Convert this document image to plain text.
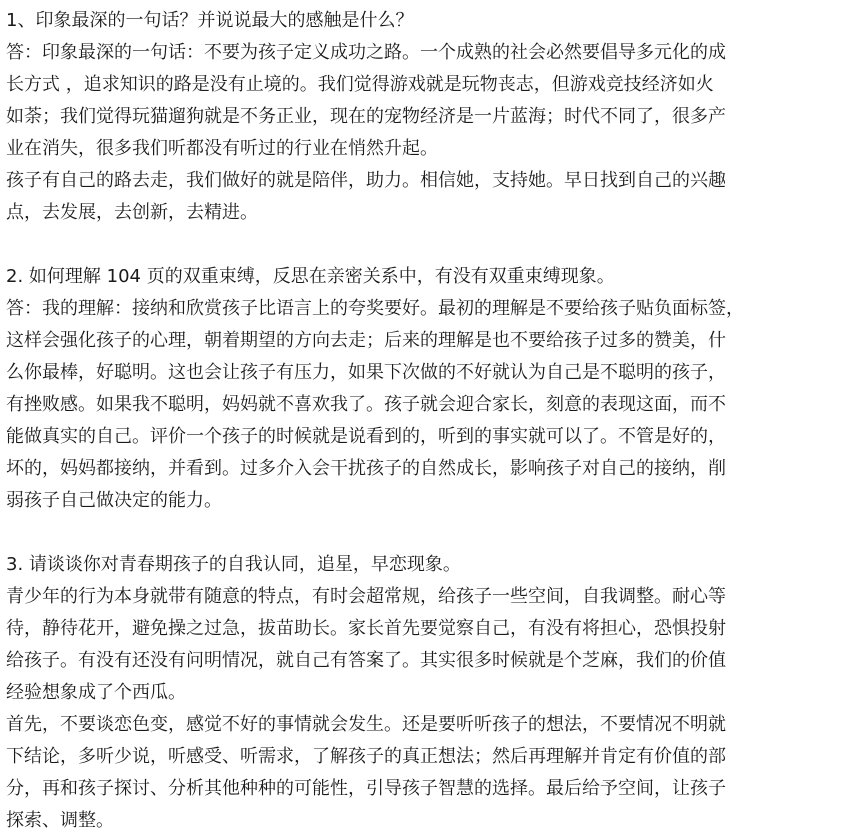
1、印象最深的一句话？并说说最大的感触是什么？
答：印象最深的一句话：不要为孩子定义成功之路。一个成熟的社会必然要倡导多元化的成
长方式 ，追求知识的路是没有止境的。我们觉得游戏就是玩物丧志，但游戏竞技经济如火
如荼；我们觉得玩猫遛狗就是不务正业，现在的宠物经济是一片蓝海；时代不同了，很多产
业在消失，很多我们听都没有听过的行业在悄然升起。
孩子有自己的路去走，我们做好的就是陪伴，助力。相信她，支持她。早日找到自己的兴趣
点，去发展，去创新，去精进。
2. 如何理解 104 页的双重束缚，反思在亲密关系中，有没有双重束缚现象。
答：我的理解：接纳和欣赏孩子比语言上的夸奖要好。最初的理解是不要给孩子贴负面标签，
这样会强化孩子的心理，朝着期望的方向去走；后来的理解是也不要给孩子过多的赞美，什
么你最棒，好聪明。这也会让孩子有压力，如果下次做的不好就认为自己是不聪明的孩子，
有挫败感。如果我不聪明，妈妈就不喜欢我了。孩子就会迎合家长，刻意的表现这面，而不
能做真实的自己。评价一个孩子的时候就是说看到的，听到的事实就可以了。不管是好的，
坏的，妈妈都接纳，并看到。过多介入会干扰孩子的自然成长，影响孩子对自己的接纳，削
弱孩子自己做决定的能力。
3. 请谈谈你对青春期孩子的自我认同，追星，早恋现象。
青少年的行为本身就带有随意的特点，有时会超常规，给孩子一些空间，自我调整。耐心等
待，静待花开，避免操之过急，拔苗助长。家长首先要觉察自己，有没有将担心，恐惧投射
给孩子。有没有还没有问明情况，就自己有答案了。其实很多时候就是个芝麻，我们的价值
经验想象成了个西瓜。
首先，不要谈恋色变，感觉不好的事情就会发生。还是要听听孩子的想法，不要情况不明就
下结论，多听少说，听感受、听需求，了解孩子的真正想法；然后再理解并肯定有价值的部
分，再和孩子探讨、分析其他种种的可能性，引导孩子智慧的选择。最后给予空间，让孩子
探索、调整。
